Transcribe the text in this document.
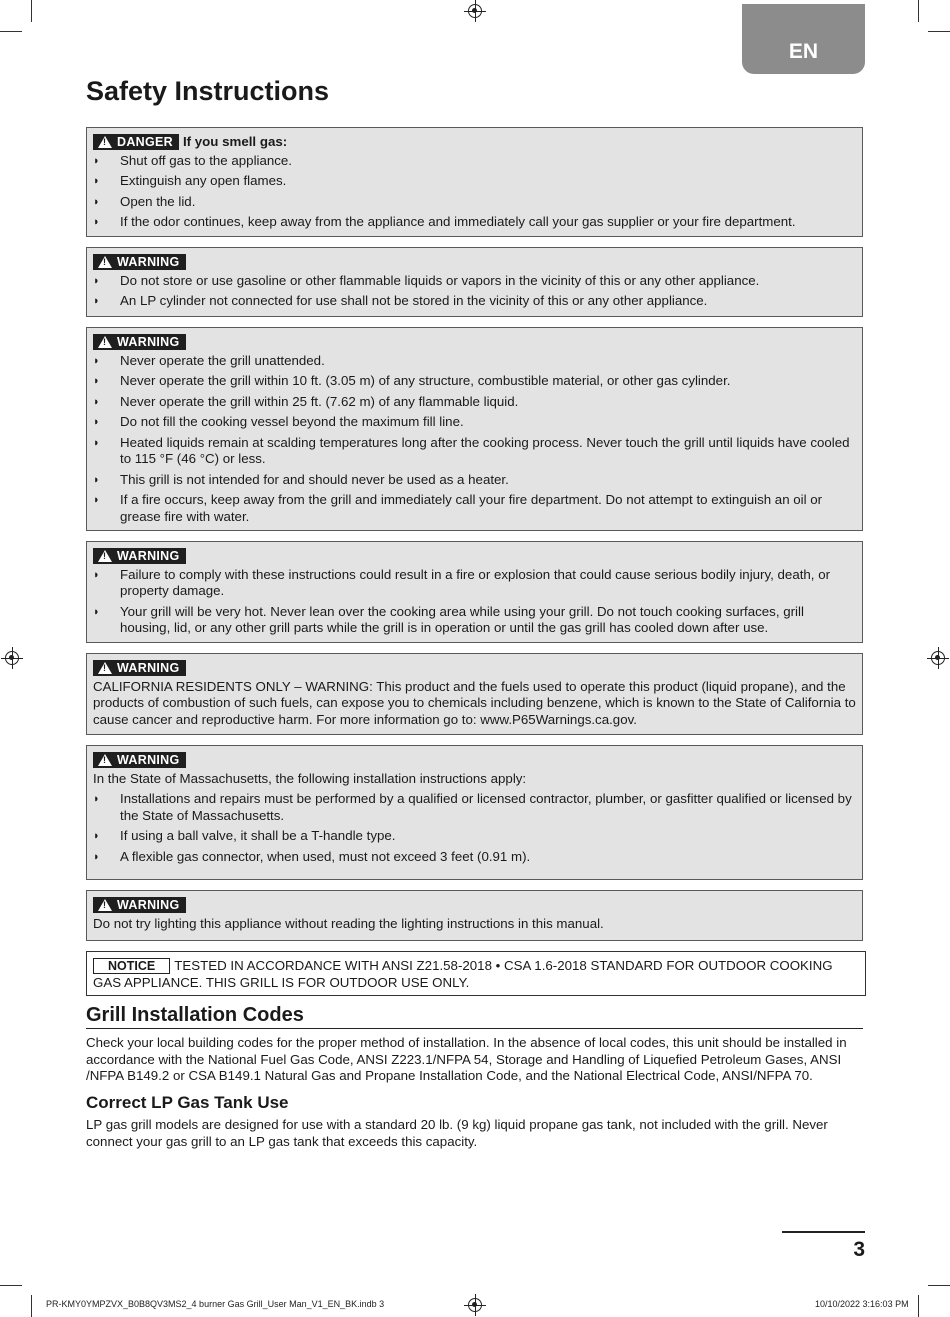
EN
Safety Instructions
!
DANGER If you smell gas:
◗ Shut off gas to the appliance.
◗ Extinguish any open flames.
◗ Open the lid.
◗ If the odor continues, keep away from the appliance and immediately call your gas supplier or your fire department.
!
WARNING
◗ Do not store or use gasoline or other flammable liquids or vapors in the vicinity of this or any other appliance.
◗ An LP cylinder not connected for use shall not be stored in the vicinity of this or any other appliance.
!
WARNING
◗ Never operate the grill unattended.
◗ Never operate the grill within 10 ft. (3.05 m) of any structure, combustible material, or other gas cylinder.
◗ Never operate the grill within 25 ft. (7.62 m) of any flammable liquid.
◗ Do not fill the cooking vessel beyond the maximum fill line.
◗ Heated liquids remain at scalding temperatures long after the cooking process. Never touch the grill until liquids have cooled to 115 °F (46 °C) or less.
◗ This grill is not intended for and should never be used as a heater.
◗ If a fire occurs, keep away from the grill and immediately call your fire department. Do not attempt to extinguish an oil or grease fire with water.
!
WARNING
◗ Failure to comply with these instructions could result in a fire or explosion that could cause serious bodily injury, death, or property damage.
◗ Your grill will be very hot. Never lean over the cooking area while using your grill. Do not touch cooking surfaces, grill housing, lid, or any other grill parts while the grill is in operation or until the gas grill has cooled down after use.
!
WARNING

CALIFORNIA RESIDENTS ONLY – WARNING: This product and the fuels used to operate this product (liquid propane), and the products of combustion of such fuels, can expose you to chemicals including benzene, which is known to the State of California to cause cancer and reproductive harm. For more information go to: www.P65Warnings.ca.gov.

!
WARNING

In the State of Massachusetts, the following installation instructions apply:

◗ Installations and repairs must be performed by a qualified or licensed contractor, plumber, or gasfitter qualified or licensed by the State of Massachusetts.
◗ If using a ball valve, it shall be a T-handle type.
◗ A flexible gas connector, when used, must not exceed 3 feet (0.91 m).
!
WARNING

Do not try lighting this appliance without reading the lighting instructions in this manual.

NOTICE TESTED IN ACCORDANCE WITH ANSI Z21.58-2018 • CSA 1.6-2018 STANDARD FOR OUTDOOR COOKING GAS APPLIANCE. THIS GRILL IS FOR OUTDOOR USE ONLY.
Grill Installation Codes

Check your local building codes for the proper method of installation. In the absence of local codes, this unit should be installed in accordance with the National Fuel Gas Code, ANSI Z223.1/NFPA 54, Storage and Handling of Liquefied Petroleum Gases, ANSI /NFPA B149.2 or CSA B149.1 Natural Gas and Propane Installation Code, and the National Electrical Code, ANSI/NFPA 70.

Correct LP Gas Tank Use

LP gas grill models are designed for use with a standard 20 lb. (9 kg) liquid propane gas tank, not included with the grill. Never connect your gas grill to an LP gas tank that exceeds this capacity.

3
PR-KMY0YMPZVX_B0B8QV3MS2_4 burner Gas Grill_User Man_V1_EN_BK.indb 3	10/10/2022 3:16:03 PM
